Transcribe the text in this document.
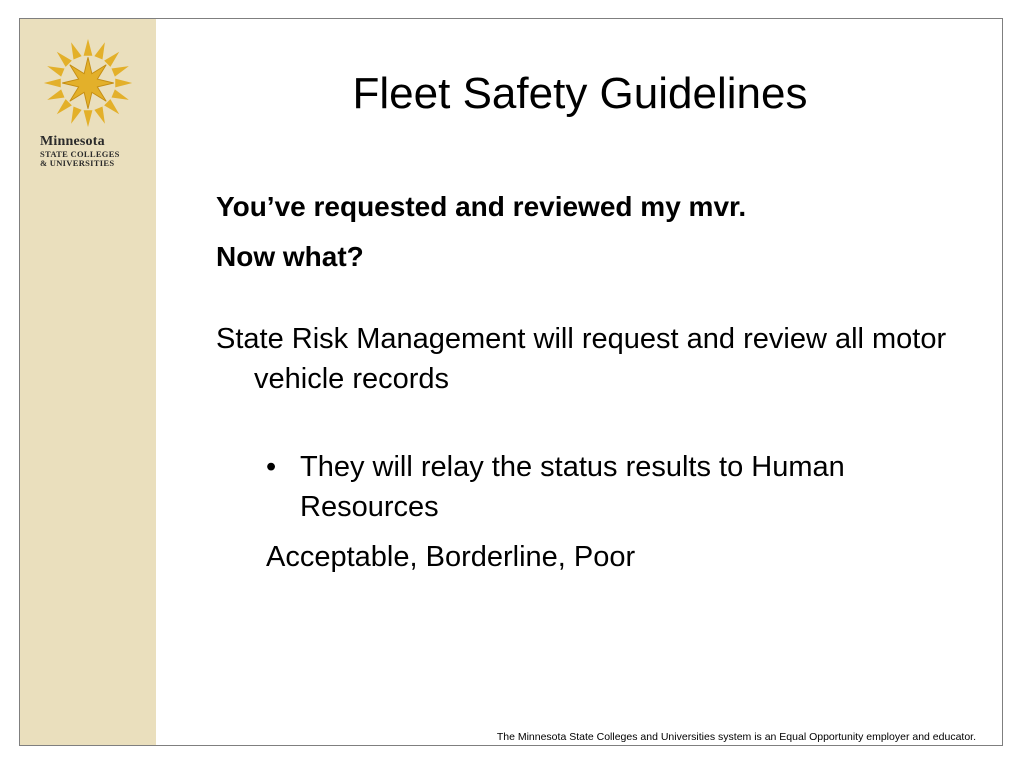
Minnesota
STATE COLLEGES
& UNIVERSITIES
Fleet Safety Guidelines
You’ve requested and reviewed my mvr.
Now what?
State Risk Management will request and review all motor vehicle records
• They will relay the status results to Human Resources
Acceptable, Borderline, Poor
The Minnesota State Colleges and Universities system is an Equal Opportunity employer and educator.
